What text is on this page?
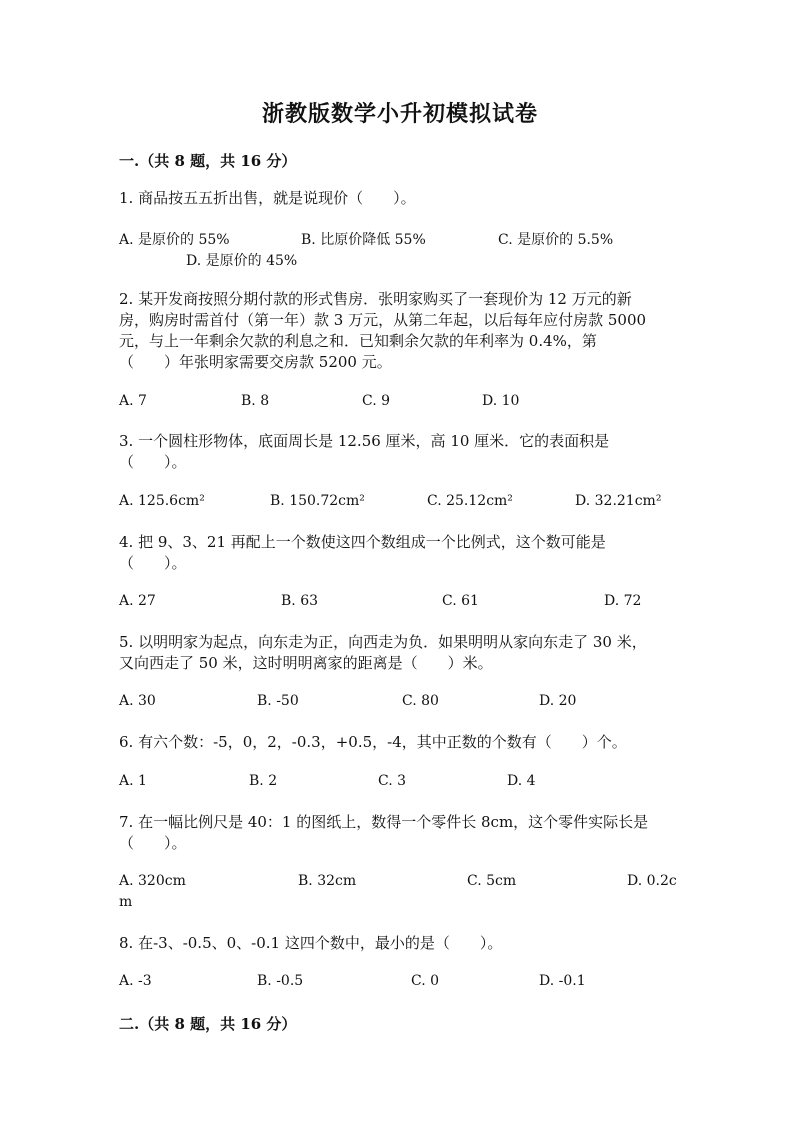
浙教版数学小升初模拟试卷
一.（共 8 题，共 16 分）
1. 商品按五五折出售，就是说现价（　　）。
A. 是原价的 55%	B. 比原价降低 55%	C. 是原价的 5.5%
D. 是原价的 45%
2. 某开发商按照分期付款的形式售房．张明家购买了一套现价为 12 万元的新
房，购房时需首付（第一年）款 3 万元，从第二年起，以后每年应付房款 5000
元，与上一年剩余欠款的利息之和．已知剩余欠款的年利率为 0.4%，第
（　　）年张明家需要交房款 5200 元。
A. 7	B. 8	C. 9	D. 10
3. 一个圆柱形物体，底面周长是 12.56 厘米，高 10 厘米．它的表面积是
（　　）。
A. 125.6cm²	B. 150.72cm²	C. 25.12cm²	D. 32.21cm²
4. 把 9、3、21 再配上一个数使这四个数组成一个比例式，这个数可能是
（　　）。
A. 27	B. 63	C. 61	D. 72
5. 以明明家为起点，向东走为正，向西走为负．如果明明从家向东走了 30 米，
又向西走了 50 米，这时明明离家的距离是（　　）米。
A. 30	B. -50	C. 80	D. 20
6. 有六个数：-5，0，2，-0.3，+0.5，-4，其中正数的个数有（　　）个。
A. 1	B. 2	C. 3	D. 4
7. 在一幅比例尺是 40：1 的图纸上，数得一个零件长 8cm，这个零件实际长是
（　　）。
A. 320cm	B. 32cm	C. 5cm	D. 0.2c
m
8. 在-3、-0.5、0、-0.1 这四个数中，最小的是（　　）。
A. -3	B. -0.5	C. 0	D. -0.1
二.（共 8 题，共 16 分）
